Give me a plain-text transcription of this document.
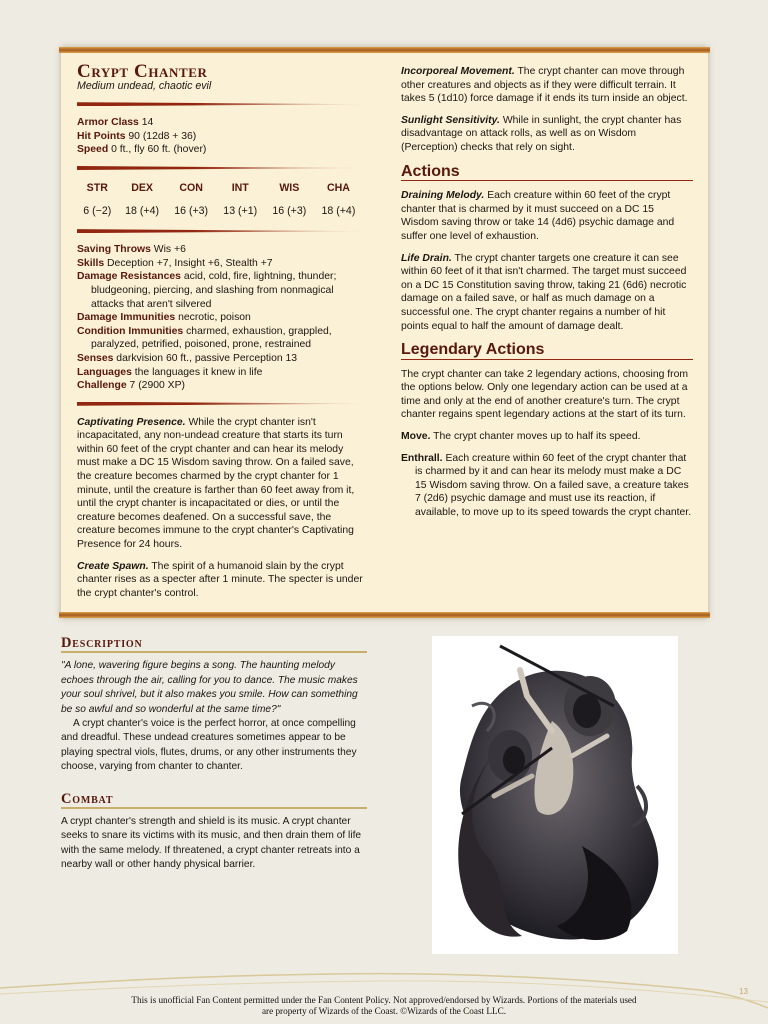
Crypt Chanter

Medium undead, chaotic evil

Armor Class 14

Hit Points 90 (12d8 + 36)

Speed 0 ft., fly 60 ft. (hover)

STR	DEX	CON	INT	WIS	CHA
6 (−2)	18 (+4)	16 (+3)	13 (+1)	16 (+3)	18 (+4)

Saving Throws Wis +6

Skills Deception +7, Insight +6, Stealth +7

Damage Resistances acid, cold, fire, lightning, thunder; bludgeoning, piercing, and slashing from nonmagical attacks that aren't silvered

Damage Immunities necrotic, poison

Condition Immunities charmed, exhaustion, grappled, paralyzed, petrified, poisoned, prone, restrained

Senses darkvision 60 ft., passive Perception 13

Languages the languages it knew in life

Challenge 7 (2900 XP)

Captivating Presence. While the crypt chanter isn't incapacitated, any non-undead creature that starts its turn within 60 feet of the crypt chanter and can hear its melody must make a DC 15 Wisdom saving throw. On a failed save, the creature becomes charmed by the crypt chanter for 1 minute, until the creature is farther than 60 feet away from it, until the crypt chanter is incapacitated or dies, or until the creature becomes deafened. On a successful save, the creature becomes immune to the crypt chanter's Captivating Presence for 24 hours.

Create Spawn. The spirit of a humanoid slain by the crypt chanter rises as a specter after 1 minute. The specter is under the crypt chanter's control.

Incorporeal Movement. The crypt chanter can move through other creatures and objects as if they were difficult terrain. It takes 5 (1d10) force damage if it ends its turn inside an object.

Sunlight Sensitivity. While in sunlight, the crypt chanter has disadvantage on attack rolls, as well as on Wisdom (Perception) checks that rely on sight.

Actions

Draining Melody. Each creature within 60 feet of the crypt chanter that is charmed by it must succeed on a DC 15 Wisdom saving throw or take 14 (4d6) psychic damage and suffer one level of exhaustion.

Life Drain. The crypt chanter targets one creature it can see within 60 feet of it that isn't charmed. The target must succeed on a DC 15 Constitution saving throw, taking 21 (6d6) necrotic damage on a failed save, or half as much damage on a successful one. The crypt chanter regains a number of hit points equal to half the amount of damage dealt.

Legendary Actions

The crypt chanter can take 2 legendary actions, choosing from the options below. Only one legendary action can be used at a time and only at the end of another creature's turn. The crypt chanter regains spent legendary actions at the start of its turn.

Move. The crypt chanter moves up to half its speed.

Enthrall. Each creature within 60 feet of the crypt chanter that is charmed by it and can hear its melody must make a DC 15 Wisdom saving throw. On a failed save, a creature takes 7 (2d6) psychic damage and must use its reaction, if available, to move up to its speed towards the crypt chanter.

Description

"A lone, wavering figure begins a song. The haunting melody echoes through the air, calling for you to dance. The music makes your soul shrivel, but it also makes you smile. How can something be so awful and so wonderful at the same time?"

A crypt chanter's voice is the perfect horror, at once compelling and dreadful. These undead creatures sometimes appear to be playing spectral viols, flutes, drums, or any other instruments they choose, varying from chanter to chanter.

Combat

A crypt chanter's strength and shield is its music. A crypt chanter seeks to snare its victims with its music, and then drain them of life with the same melody. If threatened, a crypt chanter retreats into a nearby wall or other handy physical barrier.

13
This is unofficial Fan Content permitted under the Fan Content Policy. Not approved/endorsed by Wizards. Portions of the materials used
are property of Wizards of the Coast. ©Wizards of the Coast LLC.
